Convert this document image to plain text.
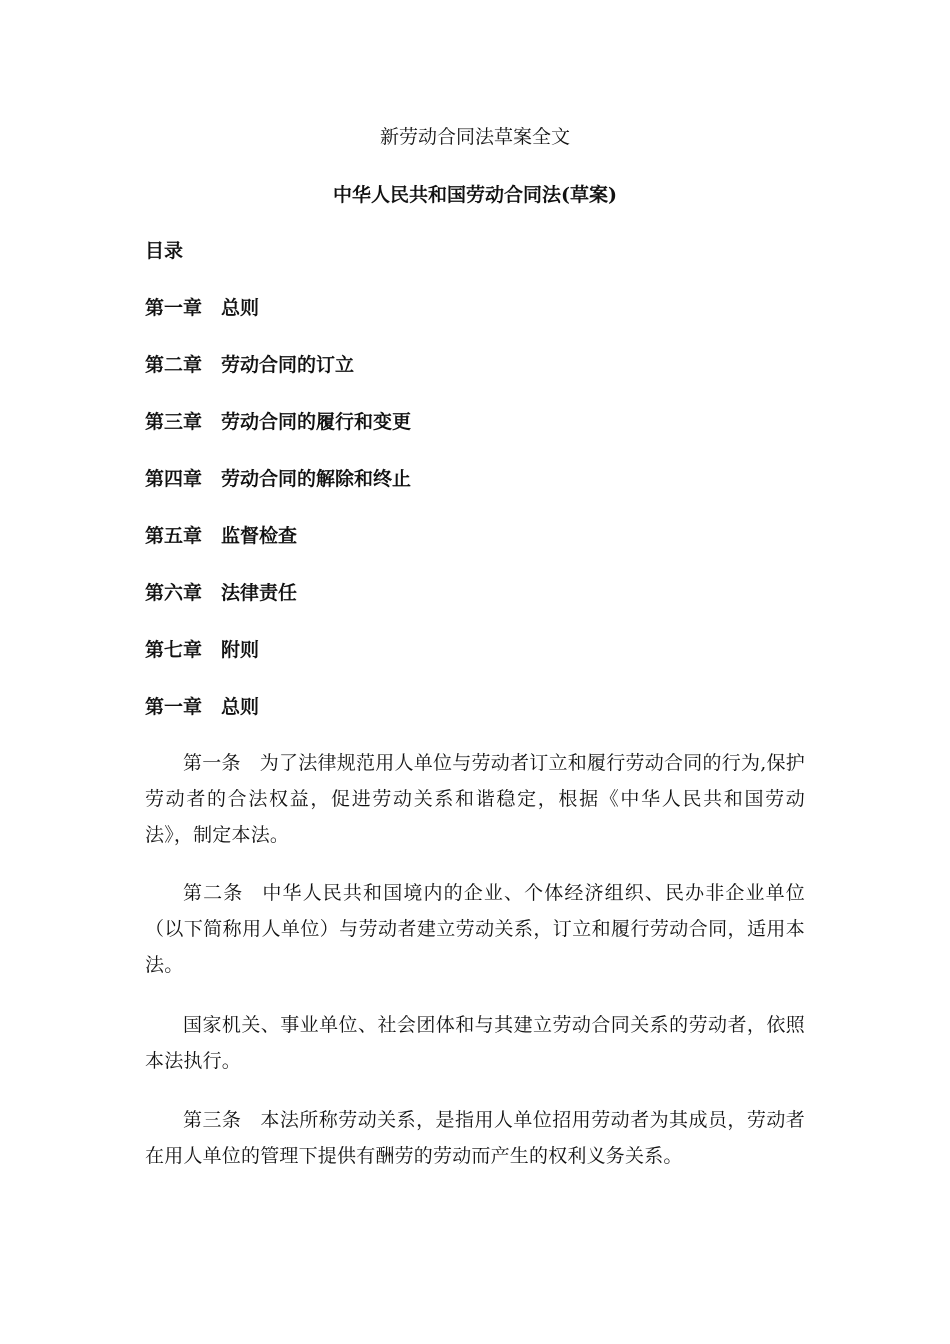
新劳动合同法草案全文
中华人民共和国劳动合同法(草案)
目录
第一章 总则
第二章 劳动合同的订立
第三章 劳动合同的履行和变更
第四章 劳动合同的解除和终止
第五章 监督检查
第六章 法律责任
第七章 附则
第一章 总则

第一条 为了法律规范用人单位与劳动者订立和履行劳动合同的行为,保护劳动者的合法权益，促进劳动关系和谐稳定，根据《中华人民共和国劳动法》，制定本法。

第二条 中华人民共和国境内的企业、个体经济组织、民办非企业单位（以下简称用人单位）与劳动者建立劳动关系，订立和履行劳动合同，适用本法。

国家机关、事业单位、社会团体和与其建立劳动合同关系的劳动者，依照本法执行。

第三条 本法所称劳动关系，是指用人单位招用劳动者为其成员，劳动者在用人单位的管理下提供有酬劳的劳动而产生的权利义务关系。
